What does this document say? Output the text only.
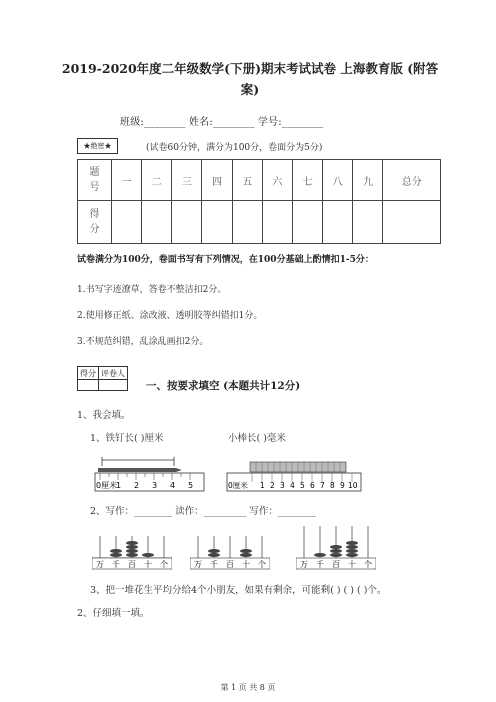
2019-2020年度二年级数学(下册)期末考试试卷 上海教育版 (附答
案)
班级:________ 姓名:________ 学号:________
★绝密★	(试卷60分钟，满分为100分，卷面分为5分)
题
号	一	二	三	四	五	六	七	八	九	总分
得
分										
试卷满分为100分，卷面书写有下列情况，在100分基础上酌情扣1-5分：
1.书写字迹潦草，答卷不整洁扣2分。
2.使用修正纸、涂改液、透明胶等纠错扣1分。
3.不规范纠错，乱涂乱画扣2分。
得分	评卷人

一、按要求填空 (本题共计12分)
1、我会填。
1、铁钉长( )厘米	小棒长( )毫米
0厘米
1 2 3 4 5	0厘米 1 2 3 4 5 6 7 8 9 10
2、写作：________ 读作：_________ 写作：________
万 千 百 十 个	万 千 百 十 个	万 千 百 十 个
3、把一堆花生平均分给4个小朋友，如果有剩余，可能剩( ) ( ) ( )个。
2、仔细填一填。
第 1 页 共 8 页
